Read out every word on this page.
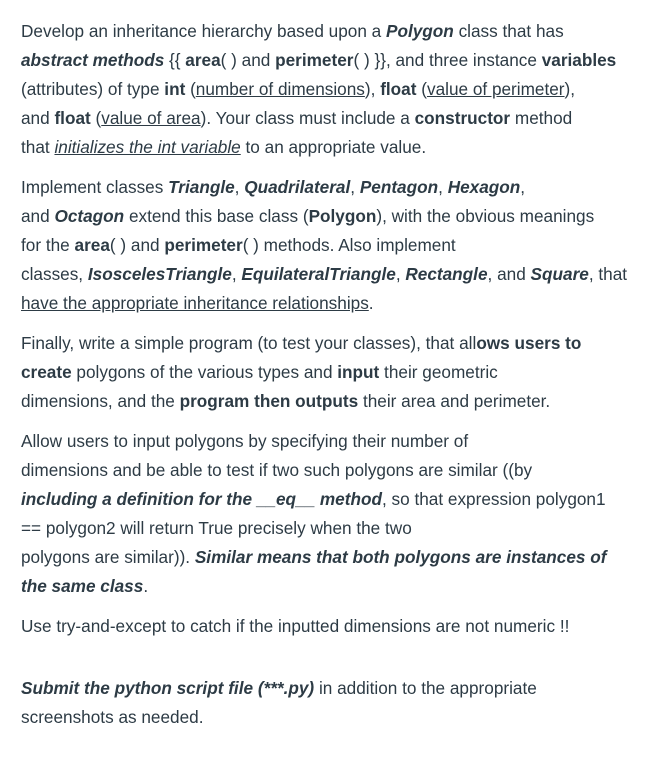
Develop an inheritance hierarchy based upon a Polygon class that has
abstract methods {{ area( ) and perimeter( ) }}, and three instance variables
(attributes) of type int (number of dimensions), float (value of perimeter),
and float (value of area). Your class must include a constructor method
that initializes the int variable to an appropriate value.

Implement classes Triangle, Quadrilateral, Pentagon, Hexagon,
and Octagon extend this base class (Polygon), with the obvious meanings
for the area( ) and perimeter( ) methods. Also implement
classes, IsoscelesTriangle, EquilateralTriangle, Rectangle, and Square, that
have the appropriate inheritance relationships.

Finally, write a simple program (to test your classes), that allows users to
create polygons of the various types and input their geometric
dimensions, and the program then outputs their area and perimeter.

Allow users to input polygons by specifying their number of
dimensions and be able to test if two such polygons are similar ((by
including a definition for the __eq__ method, so that expression polygon1
== polygon2 will return True precisely when the two
polygons are similar)). Similar means that both polygons are instances of
the same class.

Use try-and-except to catch if the inputted dimensions are not numeric !!

Submit the python script file (***.py) in addition to the appropriate
screenshots as needed.
